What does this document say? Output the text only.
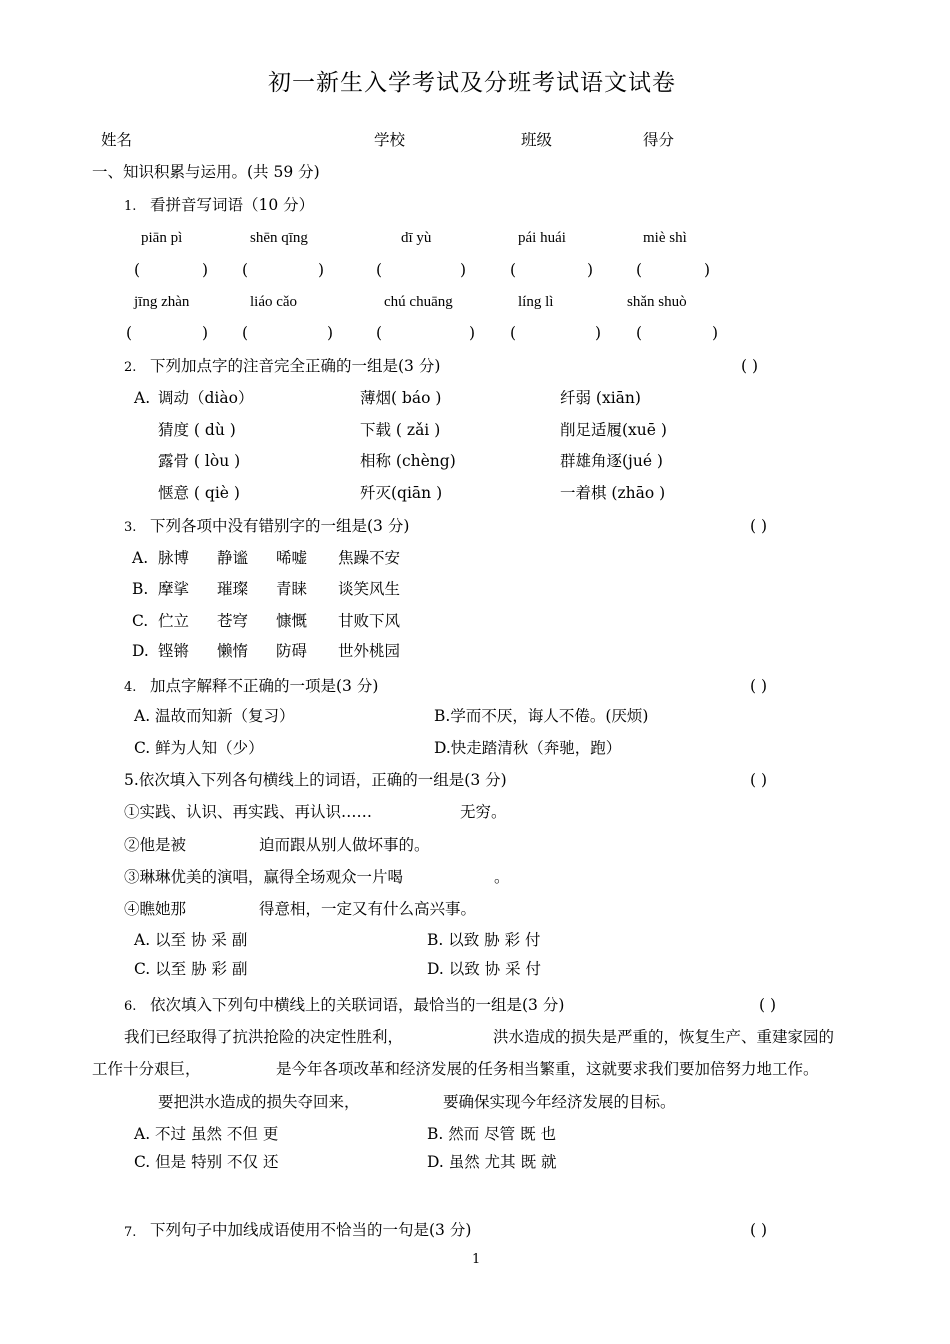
初一新生入学考试及分班考试语文试卷
姓名	学校	班级	得分
一、知识积累与运用。(共 59 分)
1. 看拼音写词语（10 分）
piān pì	shēn qīng	dī yù	pái huái	miè shì
(	) (	)	(	)	(	)	(	)
jīng zhàn	liáo cǎo	chú chuāng	líng lì	shǎn shuò
(	) (	)	(	) (	) (	)
2. 下列加点字的注音完全正确的一组是(3 分)	( )
A. 调动（diào）	薄烟( báo )	纤弱 (xiān)
猜度 ( dù )	下载 ( zǎi )	削足适履(xuē )
露骨 ( lòu )	相称 (chèng)	群雄角逐(jué )
惬意 ( qiè )	歼灭(qiān )	一着棋 (zhāo )
3. 下列各项中没有错别字的一组是(3 分)	( )
A. 脉博 静谧 唏嘘 焦躁不安
B. 摩挲 璀璨 青睐 谈笑风生
C. 伫立 苍穹 慷慨 甘败下风
D. 铿锵 懒惰 防碍 世外桃园
4. 加点字解释不正确的一项是(3 分)	( )
A. 温故而知新（复习）	B.学而不厌，诲人不倦。(厌烦)
C. 鲜为人知（少）	D.快走踏清秋（奔驰，跑）
5.依次填入下列各句横线上的词语，正确的一组是(3 分)	( )
①实践、认识、再实践、再认识……	无穷。
②他是被	迫而跟从别人做坏事的。
③琳琳优美的演唱，赢得全场观众一片喝	。
④瞧她那	得意相，一定又有什么高兴事。
A. 以至 协 采 副	B. 以致 胁 彩 付
C. 以至 胁 彩 副	D. 以致 协 采 付
6. 依次填入下列句中横线上的关联词语，最恰当的一组是(3 分)	( )
我们已经取得了抗洪抢险的决定性胜利，	洪水造成的损失是严重的，恢复生产、重建家园的
工作十分艰巨，	是今年各项改革和经济发展的任务相当繁重，这就要求我们要加倍努力地工作。
要把洪水造成的损失夺回来，	要确保实现今年经济发展的目标。
A. 不过 虽然 不但 更	B. 然而 尽管 既 也
C. 但是 特别 不仅 还	D. 虽然 尤其 既 就
7. 下列句子中加线成语使用不恰当的一句是(3 分)	( )
1
